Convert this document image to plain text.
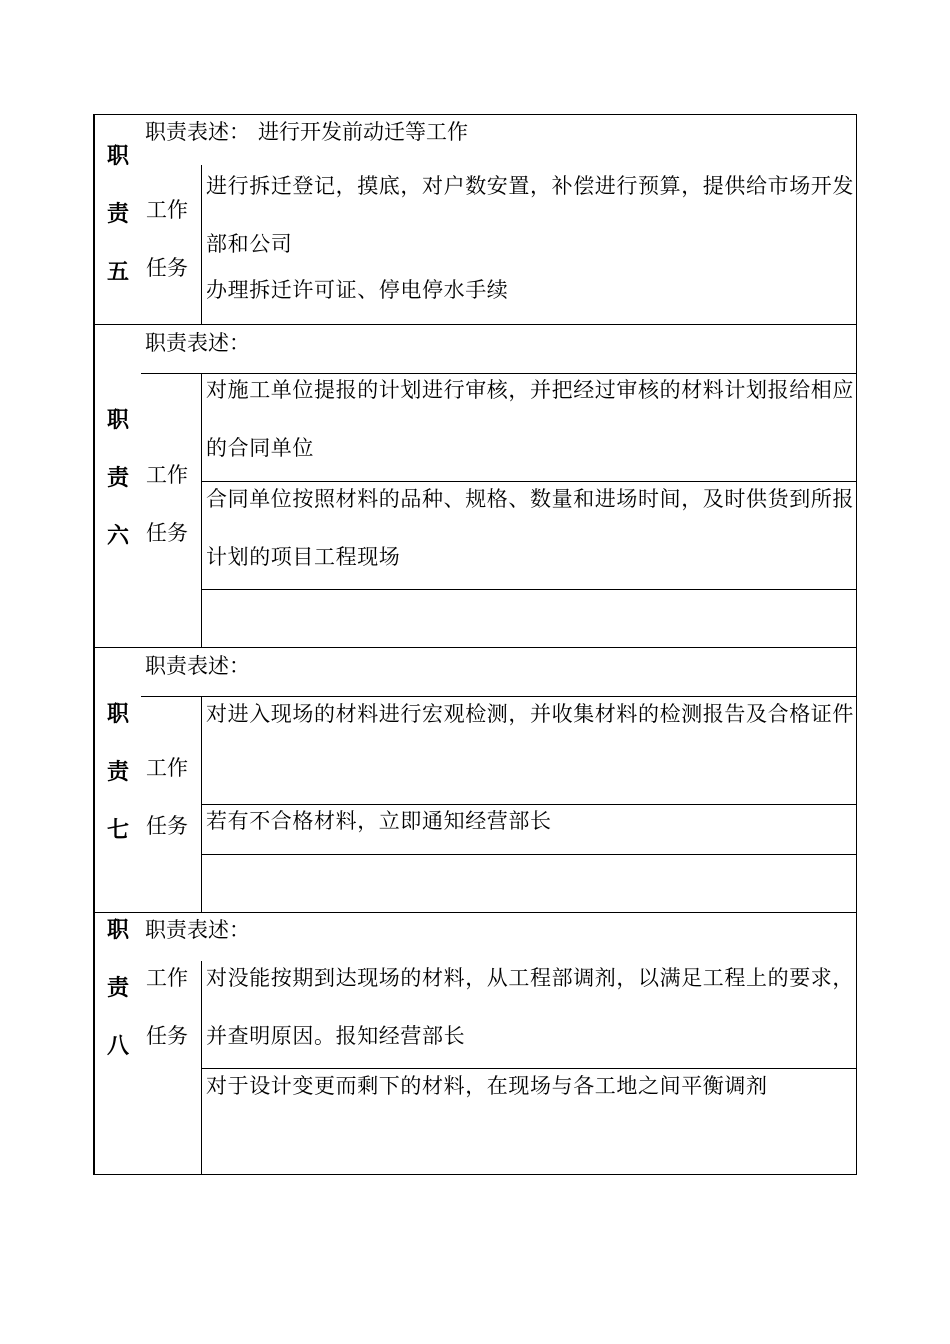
职
责
五
职责表述： 进行开发前动迁等工作
工作
任务
进行拆迁登记，摸底，对户数安置，补偿进行预算，提供给市场开发部和公司
办理拆迁许可证、停电停水手续
职
责
六
职责表述：
工作
任务
对施工单位提报的计划进行审核，并把经过审核的材料计划报给相应的合同单位
合同单位按照材料的品种、规格、数量和进场时间，及时供货到所报计划的项目工程现场
职
责
七
职责表述：
工作
任务
对进入现场的材料进行宏观检测，并收集材料的检测报告及合格证件
若有不合格材料，立即通知经营部长
职
责
八
职责表述：
工作
任务
对没能按期到达现场的材料，从工程部调剂，以满足工程上的要求，并查明原因。报知经营部长
对于设计变更而剩下的材料，在现场与各工地之间平衡调剂
